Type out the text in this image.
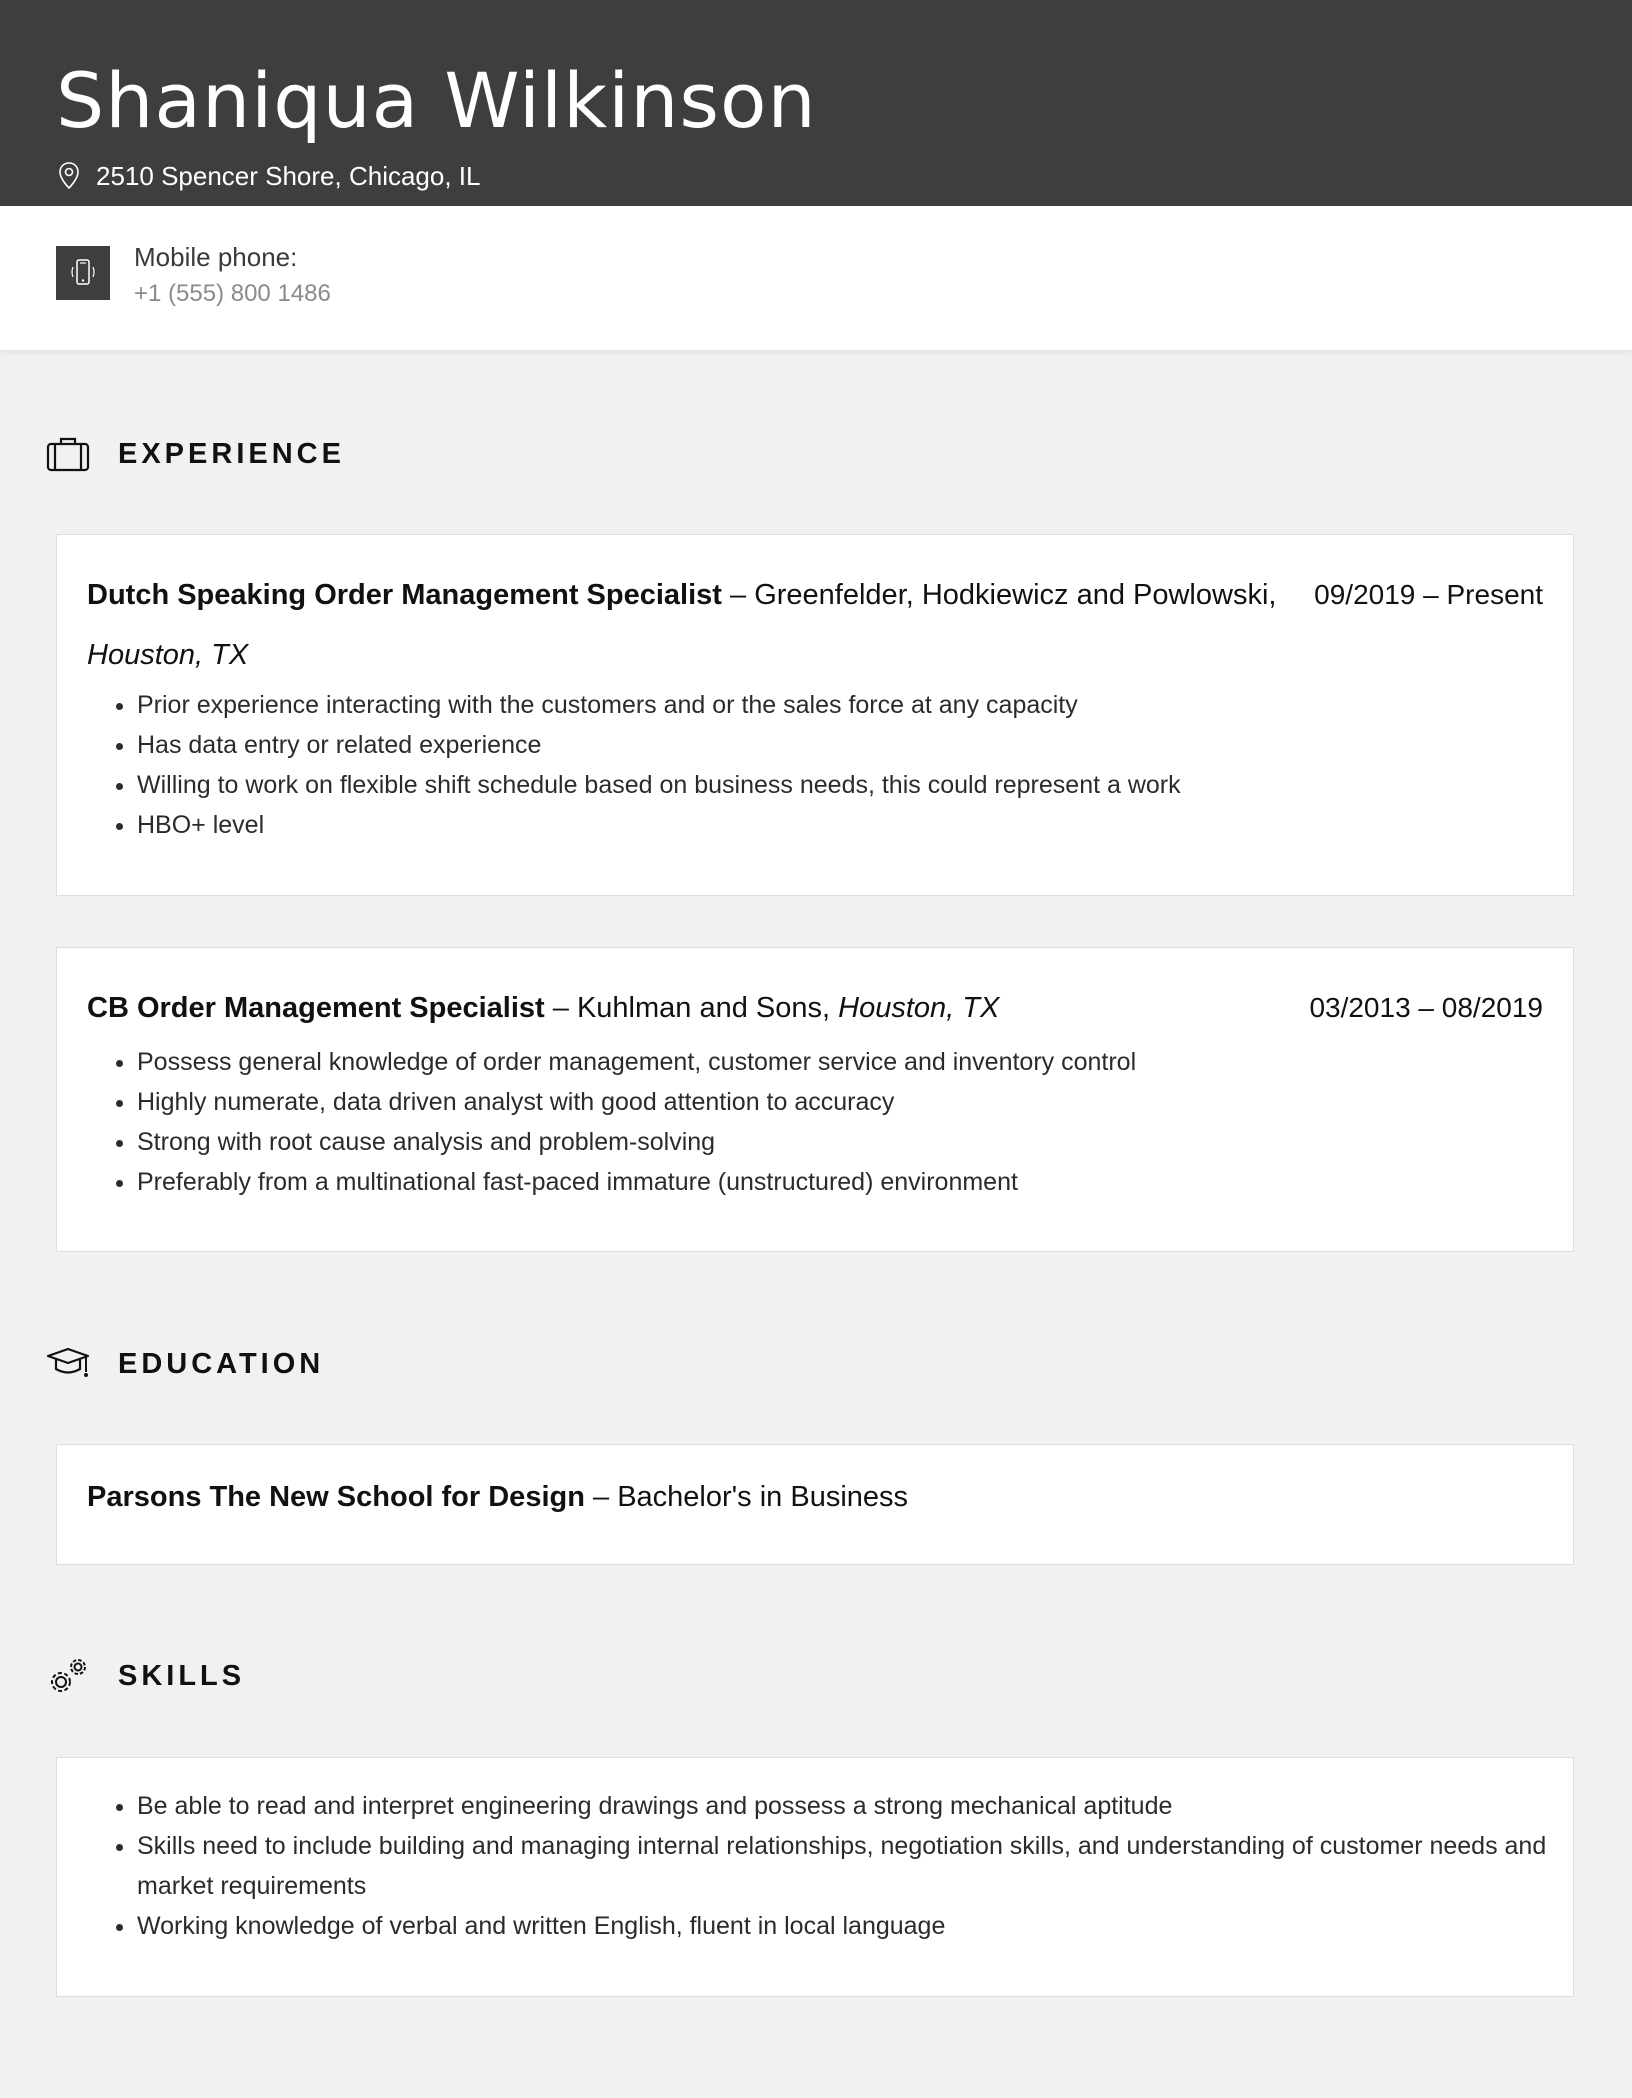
Shaniqua Wilkinson
2510 Spencer Shore, Chicago, IL
Mobile phone:
+1 (555) 800 1486
EXPERIENCE
Dutch Speaking Order Management Specialist – Greenfelder, Hodkiewicz and Powlowski, Houston, TX
09/2019 – Present
• Prior experience interacting with the customers and or the sales force at any capacity
• Has data entry or related experience
• Willing to work on flexible shift schedule based on business needs, this could represent a work
• HBO+ level
CB Order Management Specialist – Kuhlman and Sons, Houston, TX	03/2013 – 08/2019
• Possess general knowledge of order management, customer service and inventory control
• Highly numerate, data driven analyst with good attention to accuracy
• Strong with root cause analysis and problem-solving
• Preferably from a multinational fast-paced immature (unstructured) environment
EDUCATION
Parsons The New School for Design – Bachelor's in Business
SKILLS
• Be able to read and interpret engineering drawings and possess a strong mechanical aptitude
• Skills need to include building and managing internal relationships, negotiation skills, and understanding of customer needs and market requirements
• Working knowledge of verbal and written English, fluent in local language
